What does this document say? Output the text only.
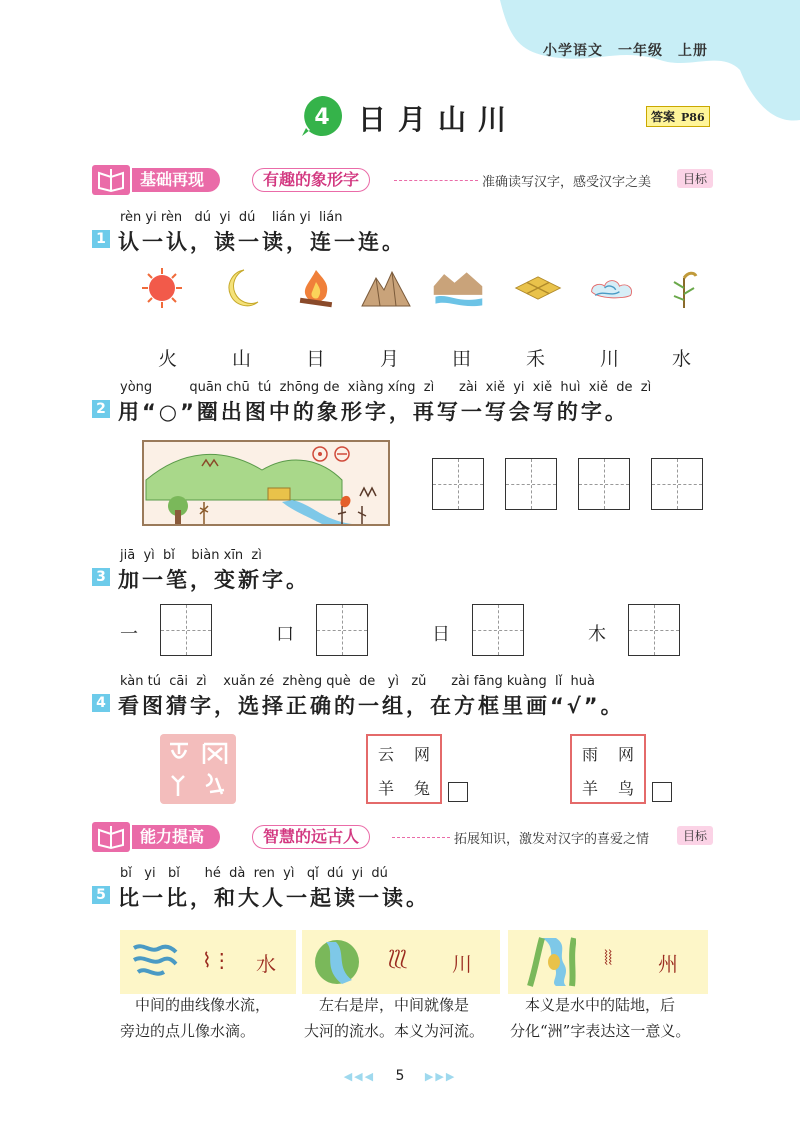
小学语文　一年级　上册
4 日月山川	答案 P86
基础再现	有趣的象形字	准确读写汉字，感受汉字之美	目标
rèn yi rèn   dú  yi  dú    lián yi  lián
1 认一认，读一读，连一连。
火	山	日	月	田	禾	川	水
yòng         quān chū  tú  zhōng de  xiàng xíng  zì      zài  xiě  yi  xiě  huì  xiě  de  zì
2 用“○”圈出图中的象形字，再写一写会写的字。
jiā  yì  bǐ    biàn xīn  zì
3 加一笔，变新字。
一	口	日	木
kàn tú  cāi  zì    xuǎn zé  zhèng què  de   yì   zǔ      zài fāng kuàng  lǐ  huà
4 看图猜字，选择正确的一组，在方框里画“√”。
云	网
羊	兔
雨	网
羊	鸟
能力提高	智慧的远古人	拓展知识，激发对汉字的喜爱之情	目标
bǐ   yi   bǐ      hé  dà  ren  yì   qǐ  dú  yi  dú
5 比一比，和大人一起读一读。
⌇⋮ 水
　中间的曲线像水流，
旁边的点儿像水滴。
⟅⟅⟅ 川
　左右是岸，中间就像是
大河的流水。本义为河流。
⦚⦚ 州
　本义是水中的陆地，后
分化“洲”字表达这一意义。
◀◀◀ 5 ▶▶▶
